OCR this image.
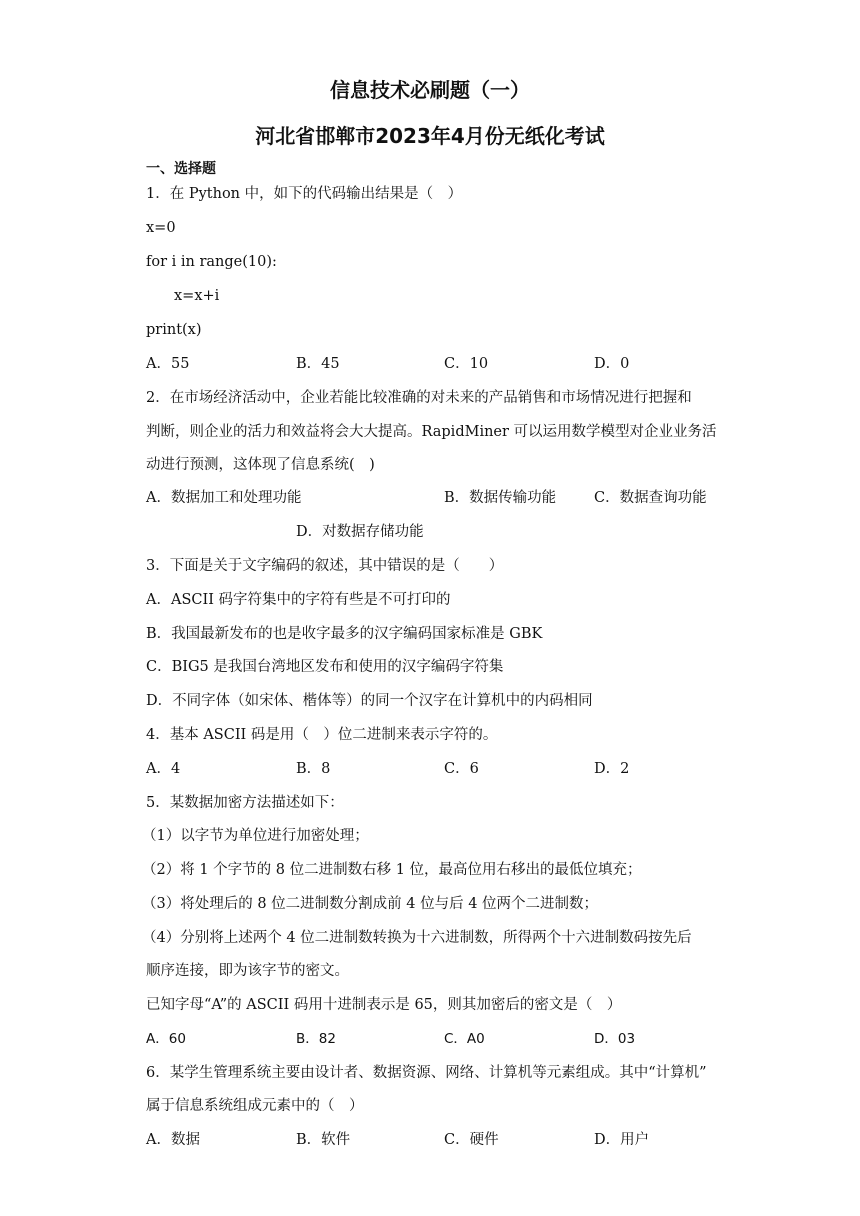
信息技术必刷题（一）
河北省邯郸市2023年4月份无纸化考试
一、选择题
1．在 Python 中，如下的代码输出结果是（　）
x=0
for i in range(10):
x=x+i
print(x)
A．55	B．45	C．10	D．0
2．在市场经济活动中，企业若能比较准确的对未来的产品销售和市场情况进行把握和
判断，则企业的活力和效益将会大大提高。RapidMiner 可以运用数学模型对企业业务活
动进行预测，这体现了信息系统(　)
A．数据加工和处理功能	B．数据传输功能	C．数据查询功能
D．对数据存储功能
3．下面是关于文字编码的叙述，其中错误的是（　　）
A．ASCII 码字符集中的字符有些是不可打印的
B．我国最新发布的也是收字最多的汉字编码国家标准是 GBK
C．BIG5 是我国台湾地区发布和使用的汉字编码字符集
D．不同字体（如宋体、楷体等）的同一个汉字在计算机中的内码相同
4．基本 ASCII 码是用（　）位二进制来表示字符的。
A．4	B．8	C．6	D．2
5．某数据加密方法描述如下：
（1）以字节为单位进行加密处理；
（2）将 1 个字节的 8 位二进制数右移 1 位，最高位用右移出的最低位填充；
（3）将处理后的 8 位二进制数分割成前 4 位与后 4 位两个二进制数；
（4）分别将上述两个 4 位二进制数转换为十六进制数，所得两个十六进制数码按先后
顺序连接，即为该字节的密文。
已知字母“A”的 ASCII 码用十进制表示是 65，则其加密后的密文是（　）
A．60	B．82	C．A0	D．03
6．某学生管理系统主要由设计者、数据资源、网络、计算机等元素组成。其中“计算机”
属于信息系统组成元素中的（　）
A．数据	B．软件	C．硬件	D．用户
